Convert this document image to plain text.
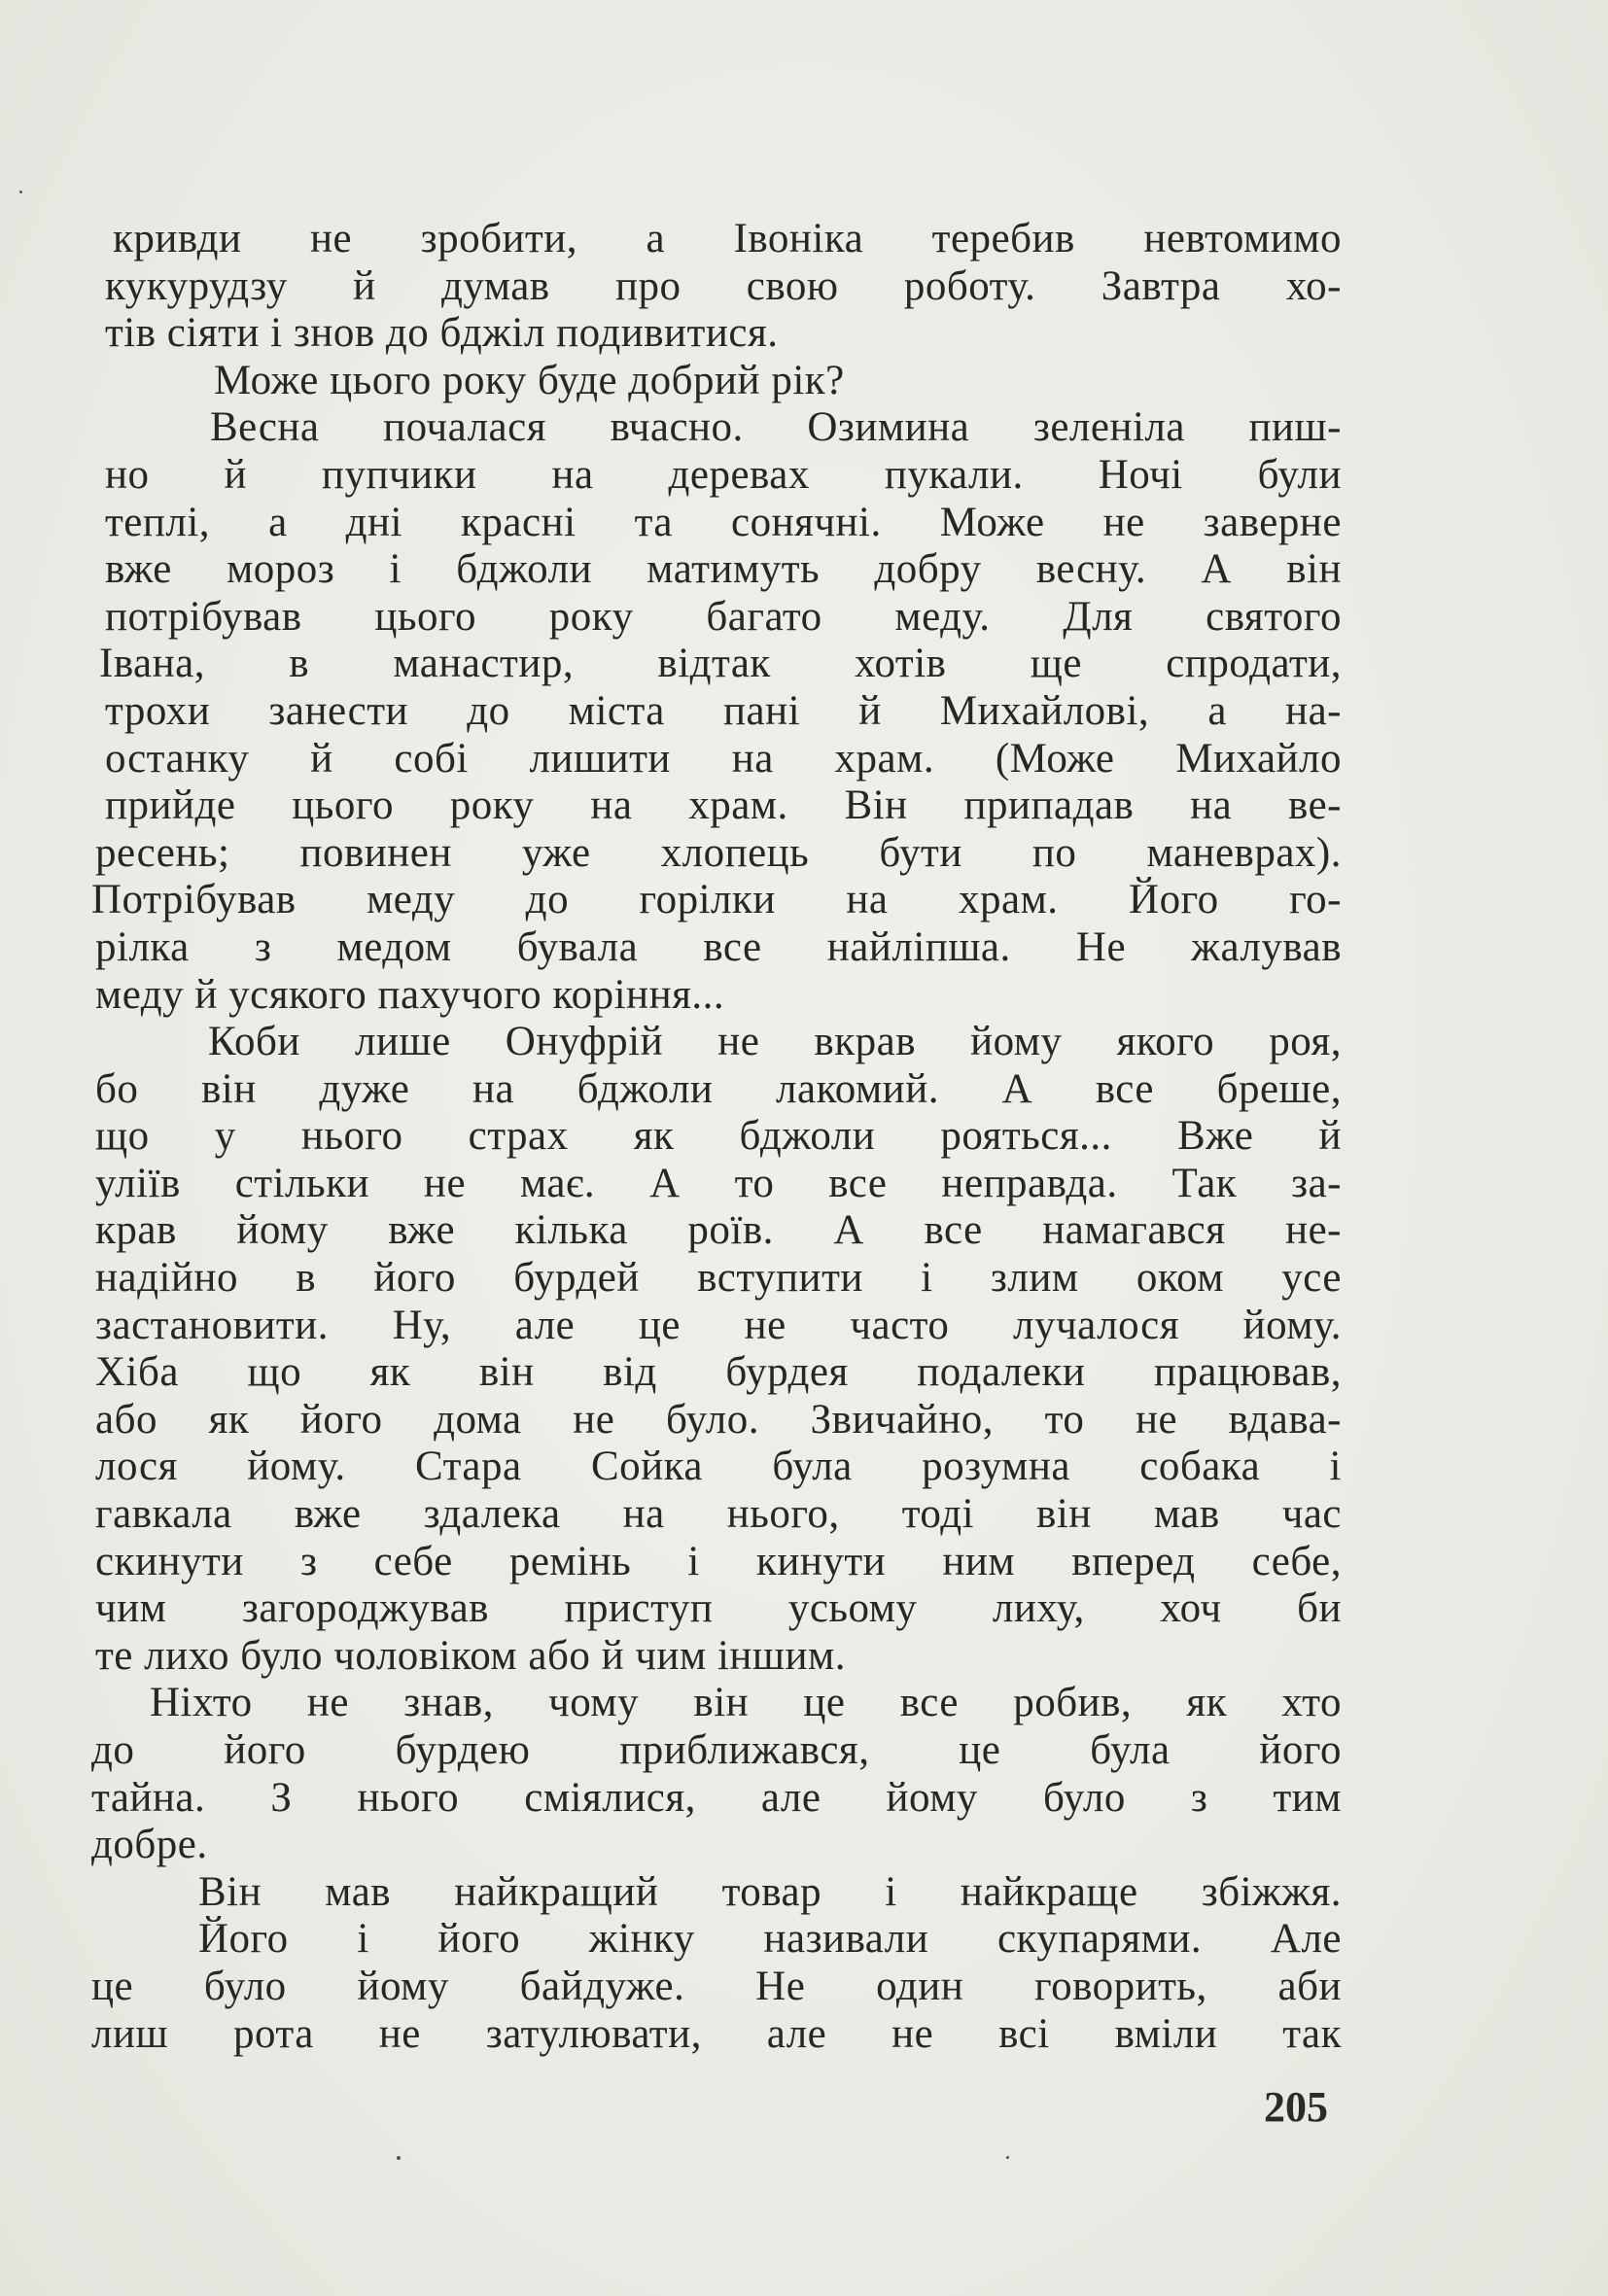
кривди не зробити, а Івоніка теребив невтомимо
кукурудзу й думав про свою роботу. Завтра хо-
тів сіяти і знов до бджіл подивитися.
Може цього року буде добрий рік?
Весна почалася вчасно. Озимина зеленіла пиш-
но й пупчики на деревах пукали. Ночі були
теплі, а дні красні та сонячні. Може не заверне
вже мороз і бджоли матимуть добру весну. А він
потрібував цього року багато меду. Для святого
Івана, в манастир, відтак хотів ще спродати,
трохи занести до міста пані й Михайлові, а на-
останку й собі лишити на храм. (Може Михайло
прийде цього року на храм. Він припадав на ве-
ресень; повинен уже хлопець бути по маневрах).
Потрібував меду до горілки на храм. Його го-
рілка з медом бувала все найліпша. Не жалував
меду й усякого пахучого коріння...
Коби лише Онуфрій не вкрав йому якого роя,
бо він дуже на бджоли лакомий. А все бреше,
що у нього страх як бджоли рояться... Вже й
уліїв стільки не має. А то все неправда. Так за-
крав йому вже кілька роїв. А все намагався не-
надійно в його бурдей вступити і злим оком усе
застановити. Ну, але це не часто лучалося йому.
Хіба що як він від бурдея подалеки працював,
або як його дома не було. Звичайно, то не вдава-
лося йому. Стара Сойка була розумна собака і
гавкала вже здалека на нього, тоді він мав час
скинути з себе ремінь і кинути ним вперед себе,
чим загороджував приступ усьому лиху, хоч би
те лихо було чоловіком або й чим іншим.
Ніхто не знав, чому він це все робив, як хто
до його бурдею приближався, це була його
тайна. З нього сміялися, але йому було з тим
добре.
Він мав найкращий товар і найкраще збіжжя.
Його і його жінку називали скупарями. Але
це було йому байдуже. Не один говорить, аби
лиш рота не затулювати, але не всі вміли так
205
